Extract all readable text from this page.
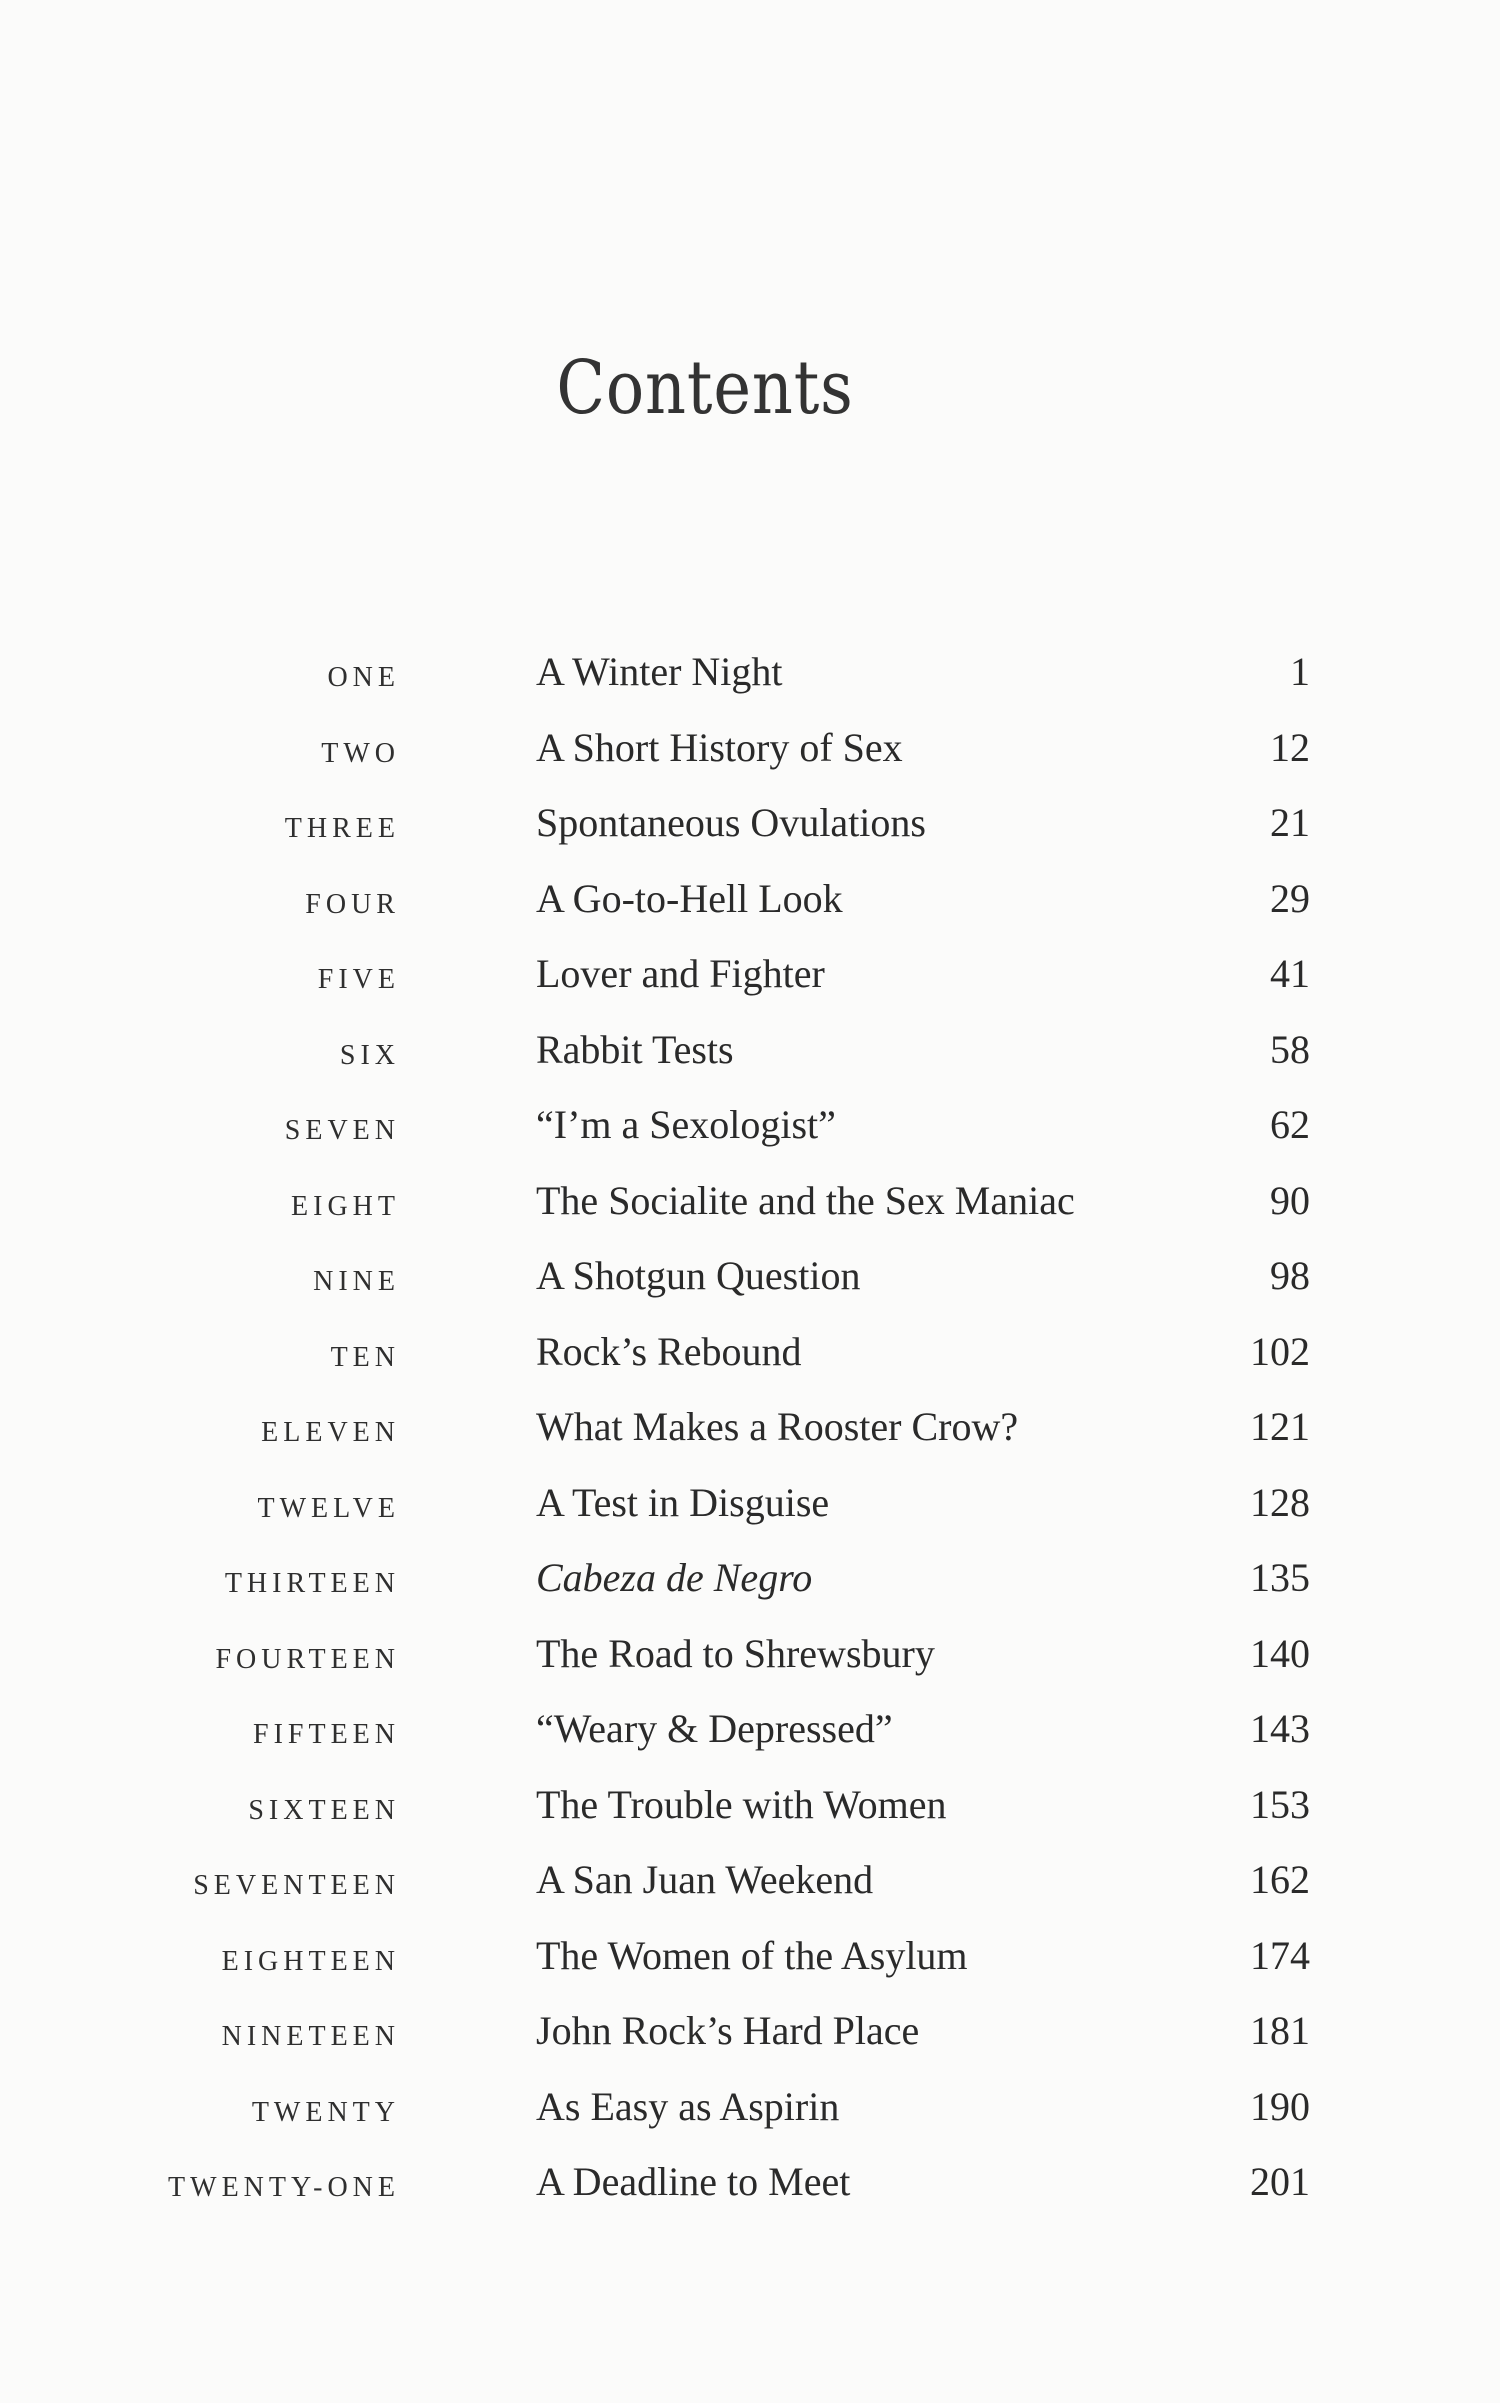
Contents
ONE	A Winter Night	1
TWO	A Short History of Sex	12
THREE	Spontaneous Ovulations	21
FOUR	A Go-to-Hell Look	29
FIVE	Lover and Fighter	41
SIX	Rabbit Tests	58
SEVEN	“I’m a Sexologist”	62
EIGHT	The Socialite and the Sex Maniac	90
NINE	A Shotgun Question	98
TEN	Rock’s Rebound	102
ELEVEN	What Makes a Rooster Crow?	121
TWELVE	A Test in Disguise	128
THIRTEEN	Cabeza de Negro	135
FOURTEEN	The Road to Shrewsbury	140
FIFTEEN	“Weary & Depressed”	143
SIXTEEN	The Trouble with Women	153
SEVENTEEN	A San Juan Weekend	162
EIGHTEEN	The Women of the Asylum	174
NINETEEN	John Rock’s Hard Place	181
TWENTY	As Easy as Aspirin	190
TWENTY-ONE	A Deadline to Meet	201
